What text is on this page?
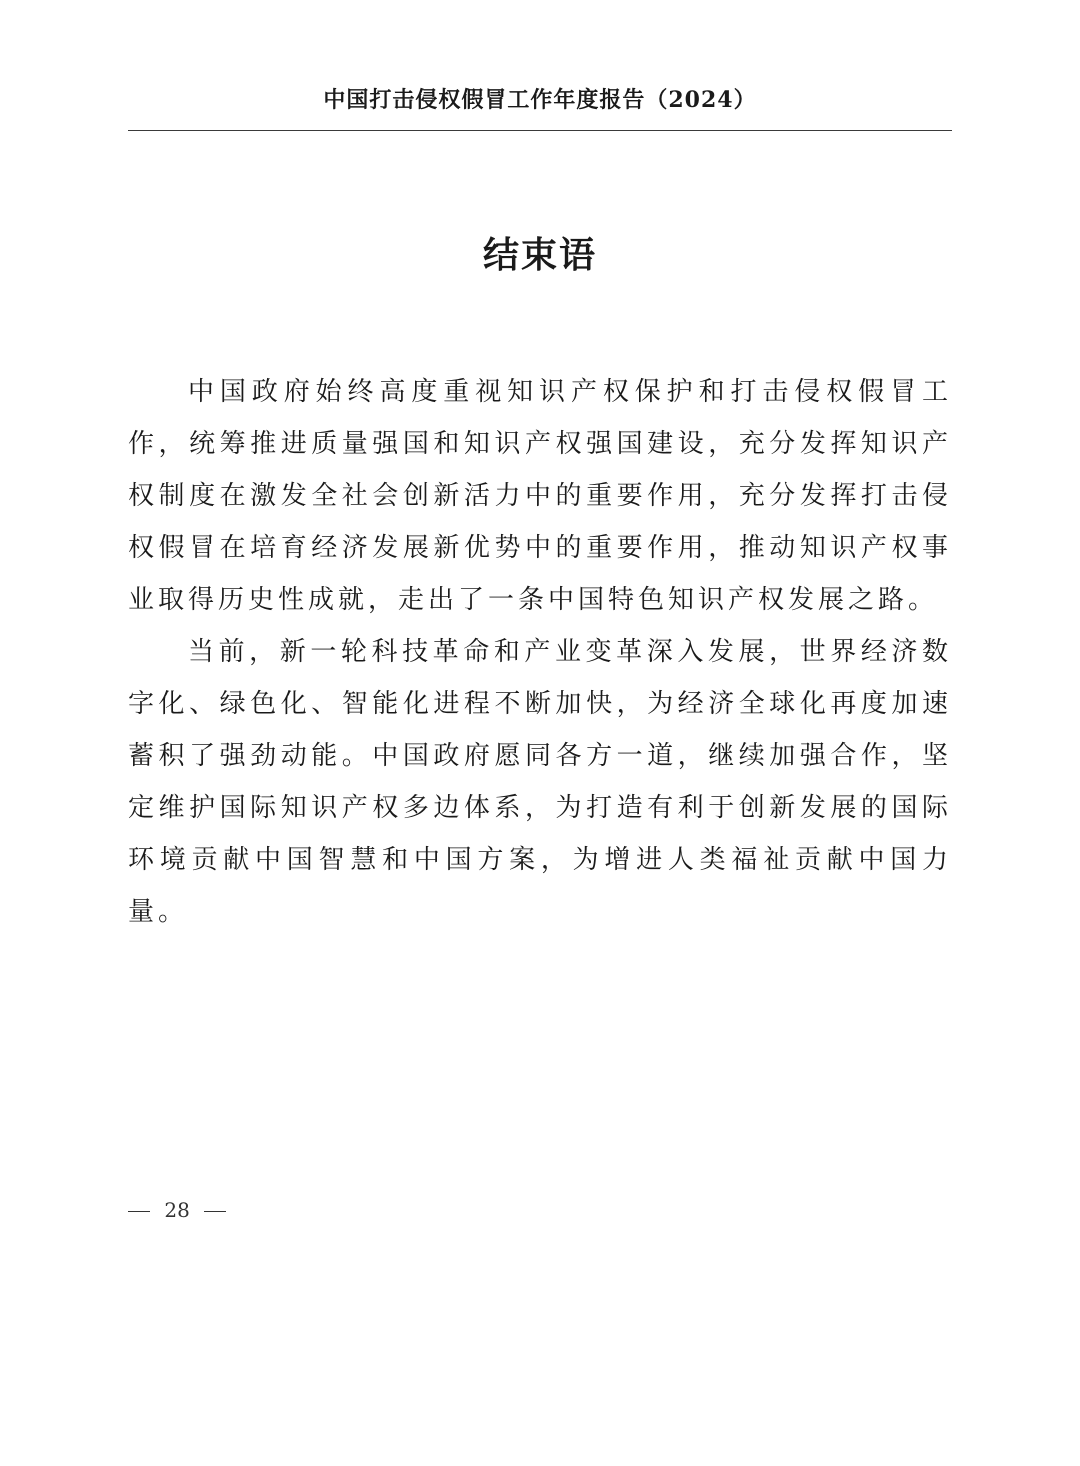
中国打击侵权假冒工作年度报告（2024）
结束语

中国政府始终高度重视知识产权保护和打击侵权假冒工作，统筹推进质量强国和知识产权强国建设，充分发挥知识产权制度在激发全社会创新活力中的重要作用，充分发挥打击侵权假冒在培育经济发展新优势中的重要作用，推动知识产权事业取得历史性成就，走出了一条中国特色知识产权发展之路。

当前，新一轮科技革命和产业变革深入发展，世界经济数字化、绿色化、智能化进程不断加快，为经济全球化再度加速蓄积了强劲动能。中国政府愿同各方一道，继续加强合作，坚定维护国际知识产权多边体系，为打造有利于创新发展的国际环境贡献中国智慧和中国方案，为增进人类福祉贡献中国力量。

28
